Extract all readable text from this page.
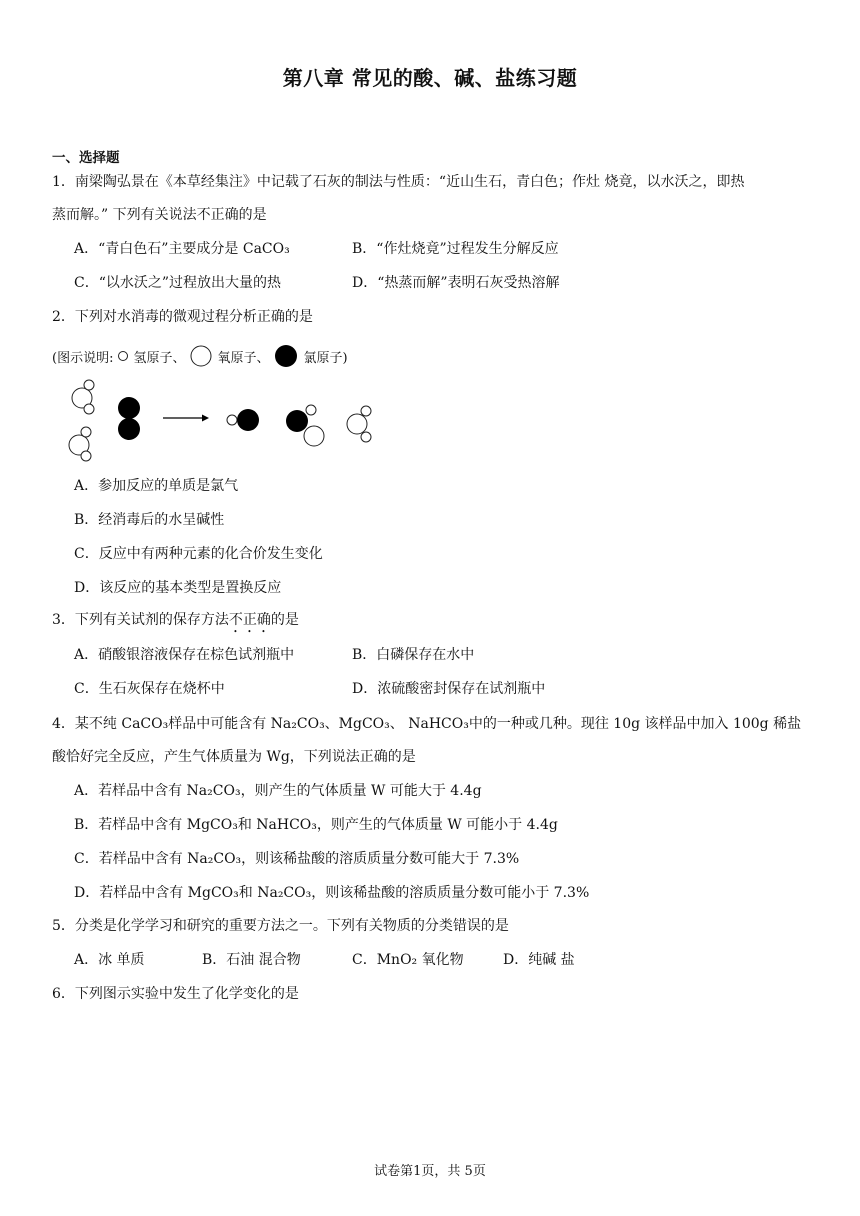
第八章 常见的酸、碱、盐练习题
一、选择题
1．南梁陶弘景在《本草经集注》中记载了石灰的制法与性质：“近山生石，青白色；作灶 烧竟，以水沃之，即热
蒸而解。” 下列有关说法不正确的是
A．“青白色石”主要成分是 CaCO₃	B．“作灶烧竟”过程发生分解反应
C．“以水沃之”过程放出大量的热	D．“热蒸而解”表明石灰受热溶解
2．下列对水消毒的微观过程分析正确的是
(图示说明: 氢原子、 氧原子、	氯原子)
A．参加反应的单质是氯气
B．经消毒后的水呈碱性
C．反应中有两种元素的化合价发生变化
D．该反应的基本类型是置换反应
3．下列有关试剂的保存方法不正确的是
A．硝酸银溶液保存在棕色试剂瓶中	B．白磷保存在水中
C．生石灰保存在烧杯中	D．浓硫酸密封保存在试剂瓶中
4．某不纯 CaCO₃样品中可能含有 Na₂CO₃、MgCO₃、 NaHCO₃中的一种或几种。现往 10g 该样品中加入 100g 稀盐
酸恰好完全反应，产生气体质量为 Wg，下列说法正确的是
A．若样品中含有 Na₂CO₃，则产生的气体质量 W 可能大于 4.4g
B．若样品中含有 MgCO₃和 NaHCO₃，则产生的气体质量 W 可能小于 4.4g
C．若样品中含有 Na₂CO₃，则该稀盐酸的溶质质量分数可能大于 7.3%
D．若样品中含有 MgCO₃和 Na₂CO₃，则该稀盐酸的溶质质量分数可能小于 7.3%
5．分类是化学学习和研究的重要方法之一。下列有关物质的分类错误的是
A．冰 单质	B．石油 混合物	C．MnO₂ 氧化物	D．纯碱 盐
6．下列图示实验中发生了化学变化的是
试卷第1页，共 5页
